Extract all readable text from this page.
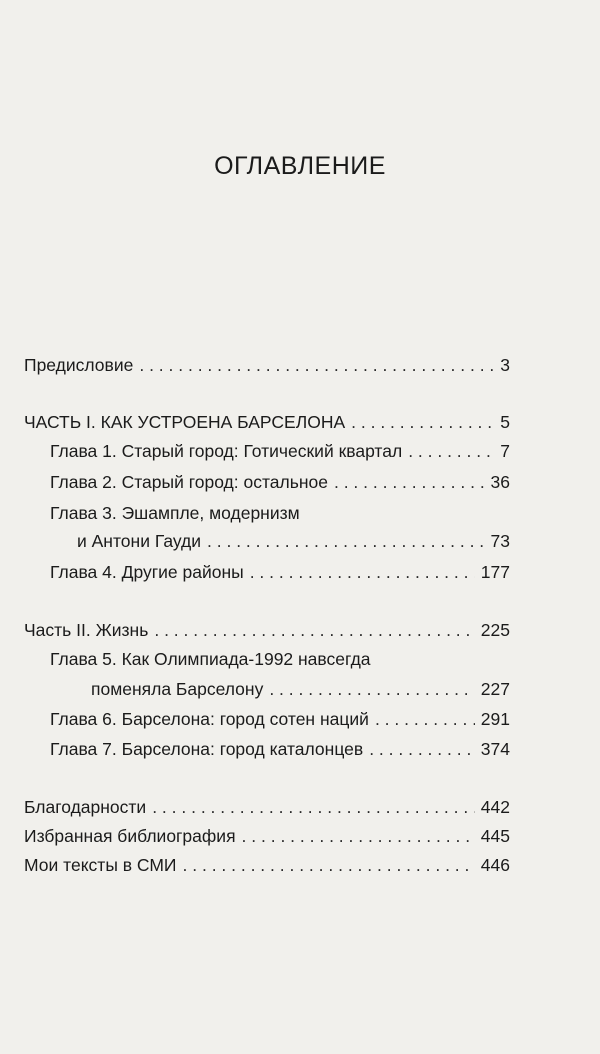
ОГЛАВЛЕНИЕ
Предисловие . . .	3
ЧАСТЬ I. КАК УСТРОЕНА БАРСЕЛОНА . . .	5
Глава 1. Старый город: Готический квартал . . .	7
Глава 2. Старый город: остальное . . .	36
Глава 3. Эшампле, модернизм
и Антони Гауди . . .	73
Глава 4. Другие районы . . .	177
Часть II. Жизнь . . .	225
Глава 5. Как Олимпиада-1992 навсегда
поменяла Барселону . . .	227
Глава 6. Барселона: город сотен наций . . .	291
Глава 7. Барселона: город каталонцев . . .	374
Благодарности . . .	442
Избранная библиография . . .	445
Мои тексты в СМИ . . .	446
